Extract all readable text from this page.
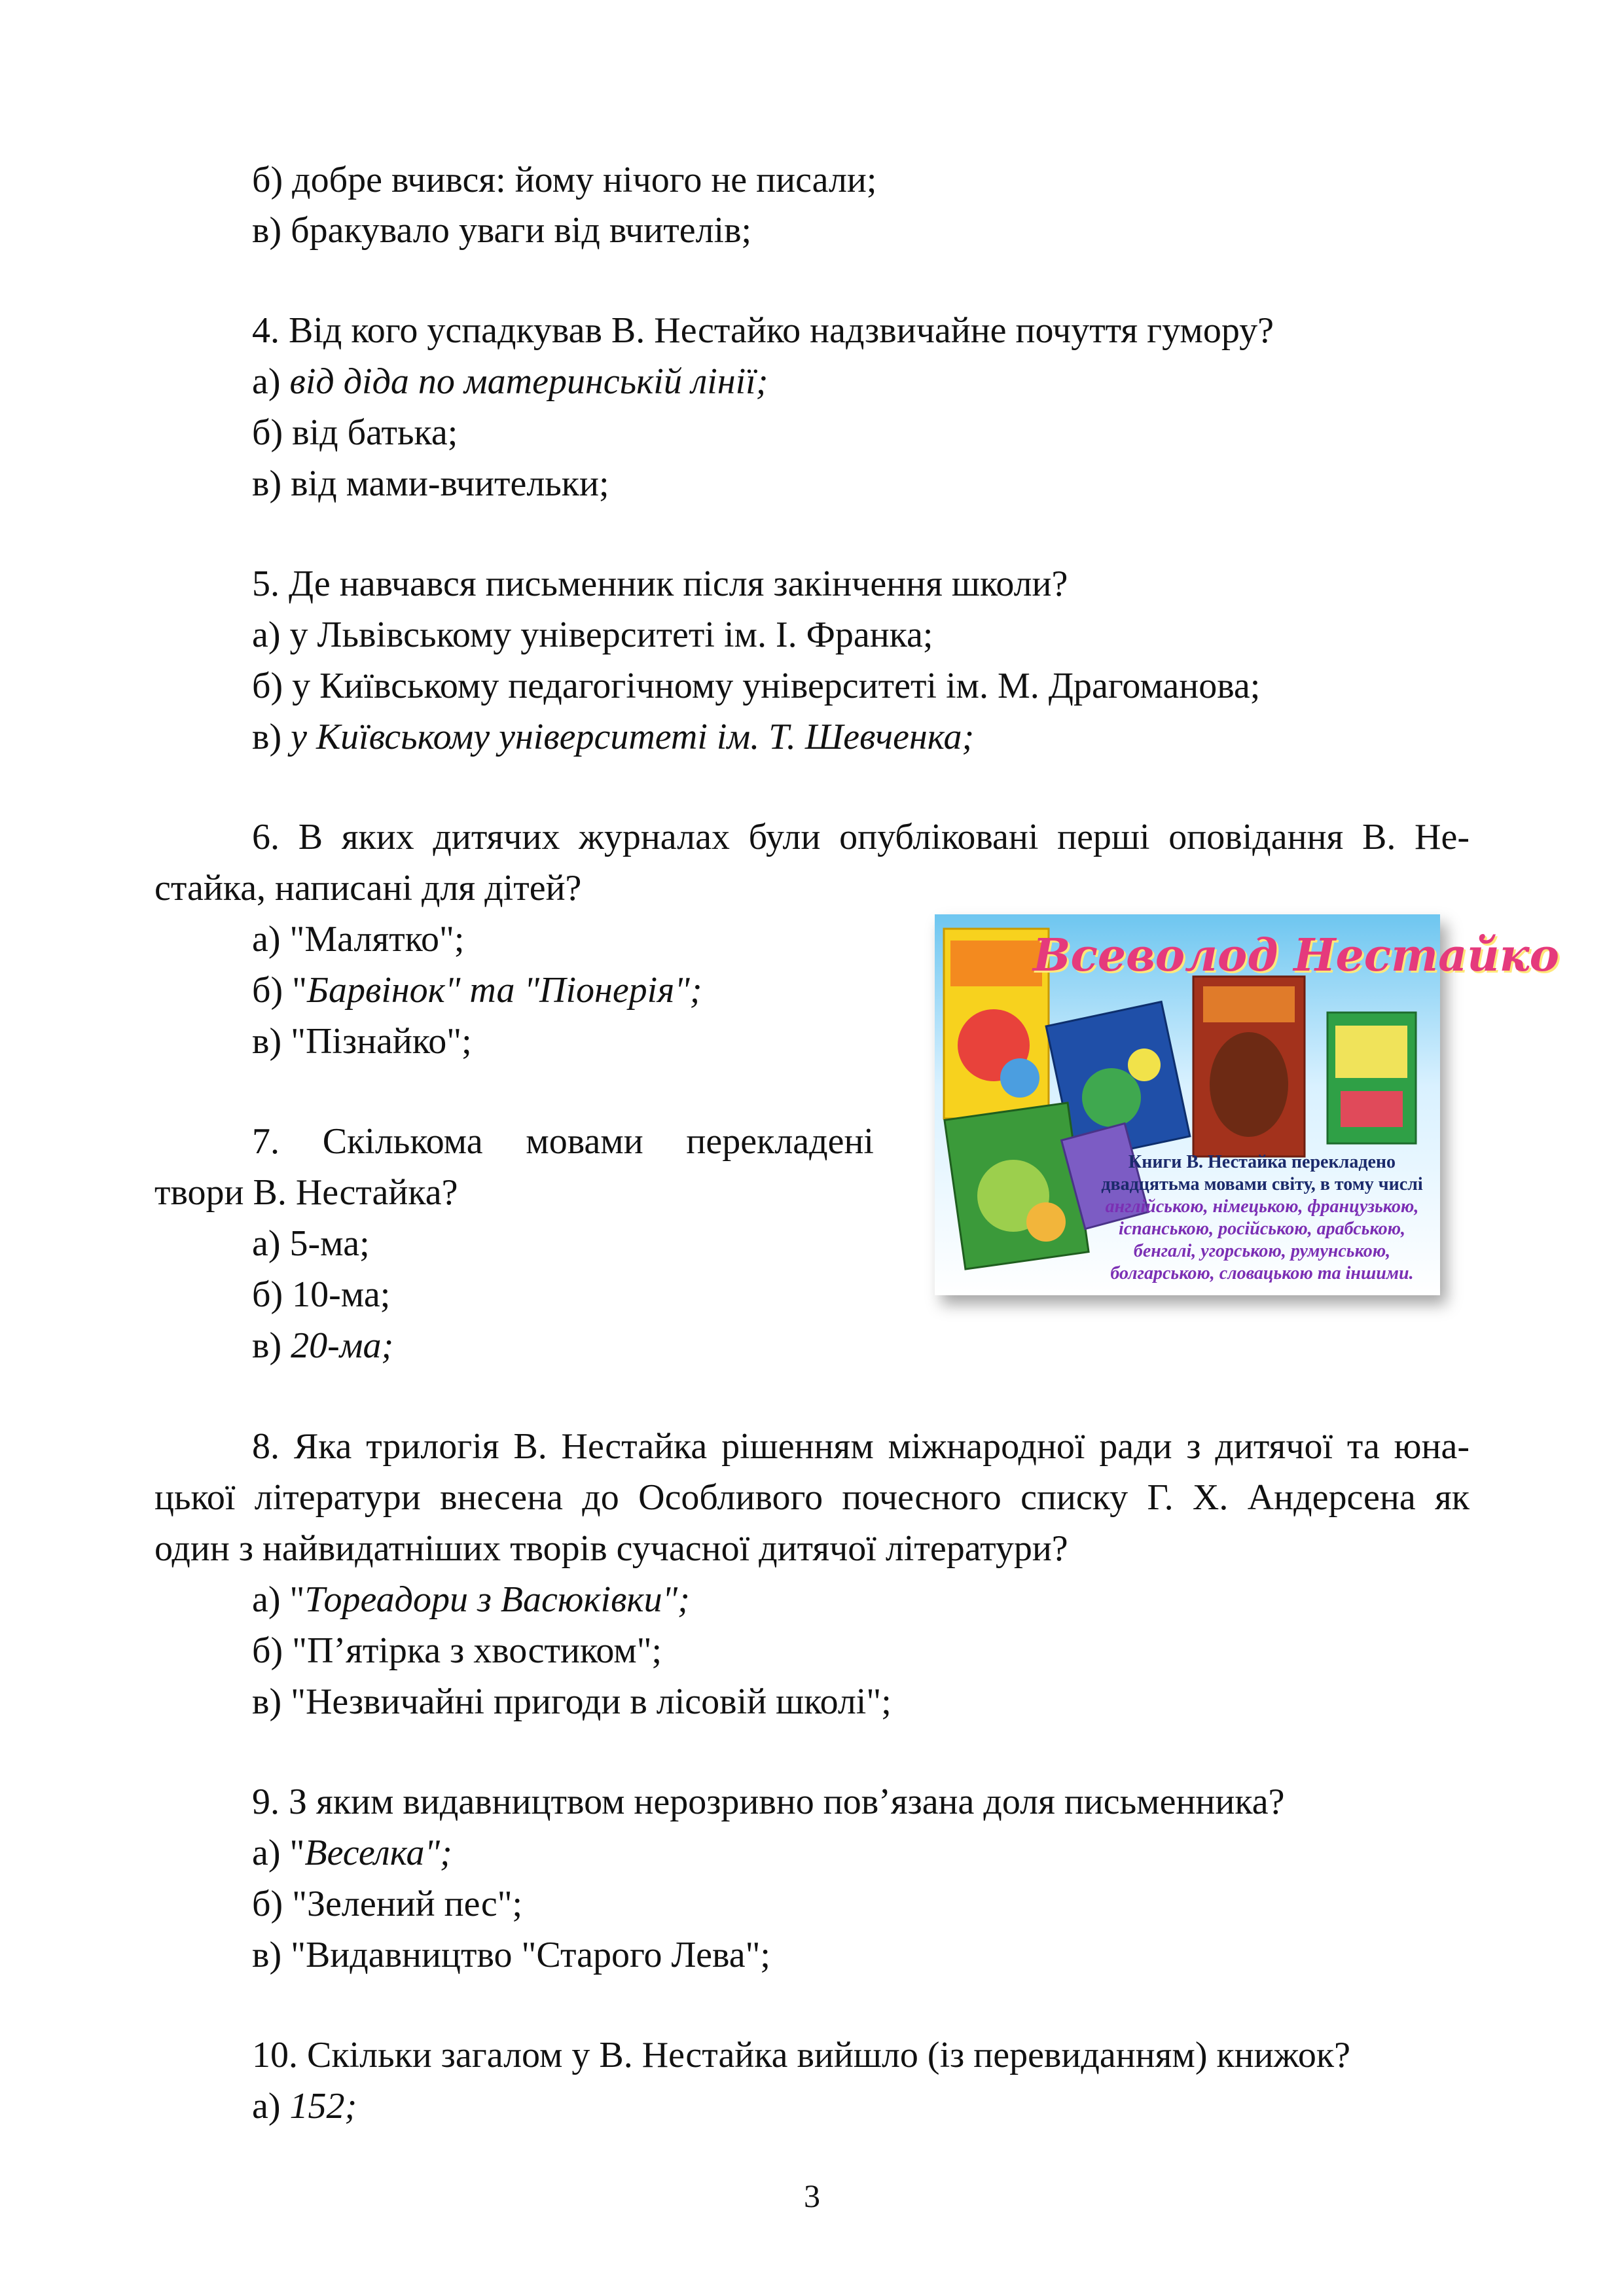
б) добре вчився: йому нічого не писали;
в) бракувало уваги від вчителів;
4. Від кого успадкував В. Нестайко надзвичайне почуття гумору?
а) від діда по материнській лінії;
б) від батька;
в) від мами-вчительки;
5. Де навчався письменник після закінчення школи?
а) у Львівському університеті ім. І. Франка;
б) у Київському педагогічному університеті ім. М. Драгоманова;
в) у Київському університеті ім. Т. Шевченка;
6. В яких дитячих журналах були опубліковані перші оповідання В. Не-
стайка, написані для дітей?
а) "Малятко";
б) "Барвінок" та "Піонерія";
в) "Пізнайко";
7. Скількома мовами перекладені
твори В. Нестайка?
а) 5-ма;
б) 10-ма;
в) 20-ма;
Всеволод Нестайко
Книги В. Нестайка перекладено двадцятьма мовами світу, в тому числі англійською, німецькою, французькою, іспанською, російською, арабською, бенгалі, угорською, румунською, болгарською, словацькою та іншими.
8. Яка трилогія В. Нестайка рішенням міжнародної ради з дитячої та юна-
цької літератури внесена до Особливого почесного списку Г. Х. Андерсена як
один з найвидатніших творів сучасної дитячої літератури?
а) "Тореадори з Васюківки";
б) "П’ятірка з хвостиком";
в) "Незвичайні пригоди в лісовій школі";
9. З яким видавництвом нерозривно пов’язана доля письменника?
а) "Веселка";
б) "Зелений пес";
в) "Видавництво "Старого Лева";
10. Скільки загалом у В. Нестайка вийшло (із перевиданням) книжок?
а) 152;
3
